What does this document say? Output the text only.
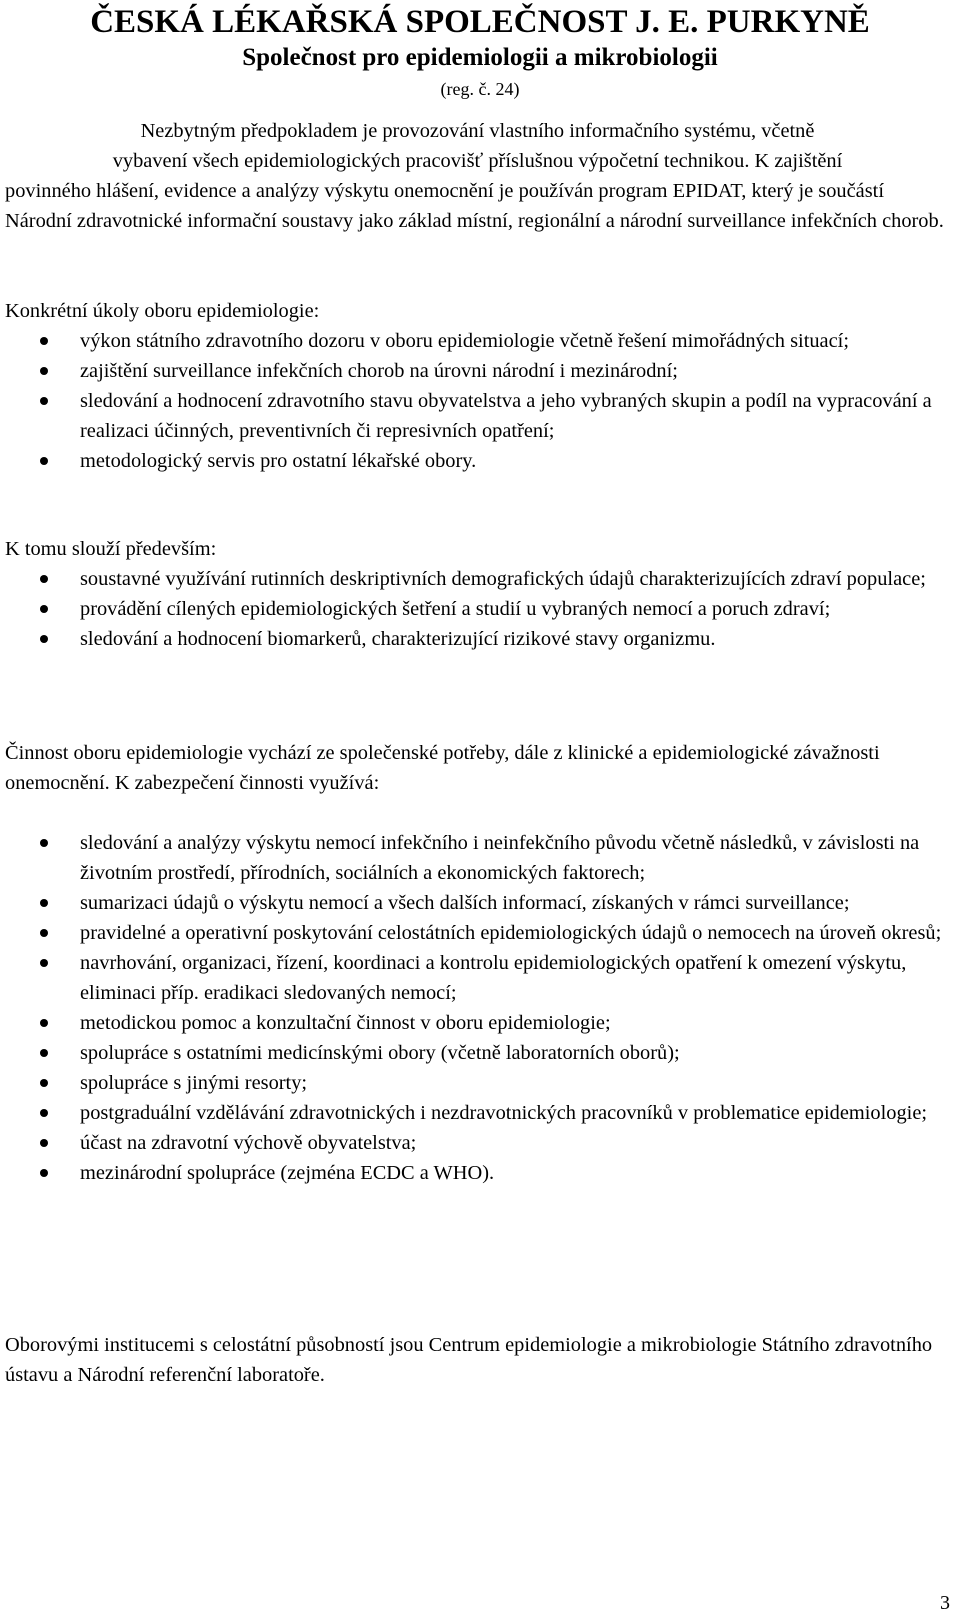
ČESKÁ LÉKAŘSKÁ SPOLEČNOST J. E. PURKYNĚ
Společnost pro epidemiologii a mikrobiologii
(reg. č. 24)
Nezbytným předpokladem je provozování vlastního informačního systému, včetně
vybavení všech epidemiologických pracovišť příslušnou výpočetní technikou. K zajištění

povinného hlášení, evidence a analýzy výskytu onemocnění je používán program EPIDAT, který je součástí Národní zdravotnické informační soustavy jako základ místní, regionální a národní surveillance infekčních chorob.

Konkrétní úkoly oboru epidemiologie:

výkon státního zdravotního dozoru v oboru epidemiologie včetně řešení mimořádných situací;
zajištění surveillance infekčních chorob na úrovni národní i mezinárodní;
sledování a hodnocení zdravotního stavu obyvatelstva a jeho vybraných skupin a podíl na vypracování a realizaci účinných, preventivních či represivních opatření;
metodologický servis pro ostatní lékařské obory.

K tomu slouží především:

soustavné využívání rutinních deskriptivních demografických údajů charakterizujících zdraví populace;
provádění cílených epidemiologických šetření a studií u vybraných nemocí a poruch zdraví;
sledování a hodnocení biomarkerů, charakterizující rizikové stavy organizmu.

Činnost oboru epidemiologie vychází ze společenské potřeby, dále z klinické a epidemiologické závažnosti onemocnění. K zabezpečení činnosti využívá:

sledování a analýzy výskytu nemocí infekčního i neinfekčního původu včetně následků, v závislosti na životním prostředí, přírodních, sociálních a ekonomických faktorech;
sumarizaci údajů o výskytu nemocí a všech dalších informací, získaných v rámci surveillance;
pravidelné a operativní poskytování celostátních epidemiologických údajů o nemocech na úroveň okresů;
navrhování, organizaci, řízení, koordinaci a kontrolu epidemiologických opatření k omezení výskytu, eliminaci příp. eradikaci sledovaných nemocí;
metodickou pomoc a konzultační činnost v oboru epidemiologie;
spolupráce s ostatními medicínskými obory (včetně laboratorních oborů);
spolupráce s jinými resorty;
postgraduální vzdělávání zdravotnických i nezdravotnických pracovníků v problematice epidemiologie;
účast na zdravotní výchově obyvatelstva;
mezinárodní spolupráce (zejména ECDC a WHO).

Oborovými institucemi s celostátní působností jsou Centrum epidemiologie a mikrobiologie Státního zdravotního ústavu a Národní referenční laboratoře.

3
